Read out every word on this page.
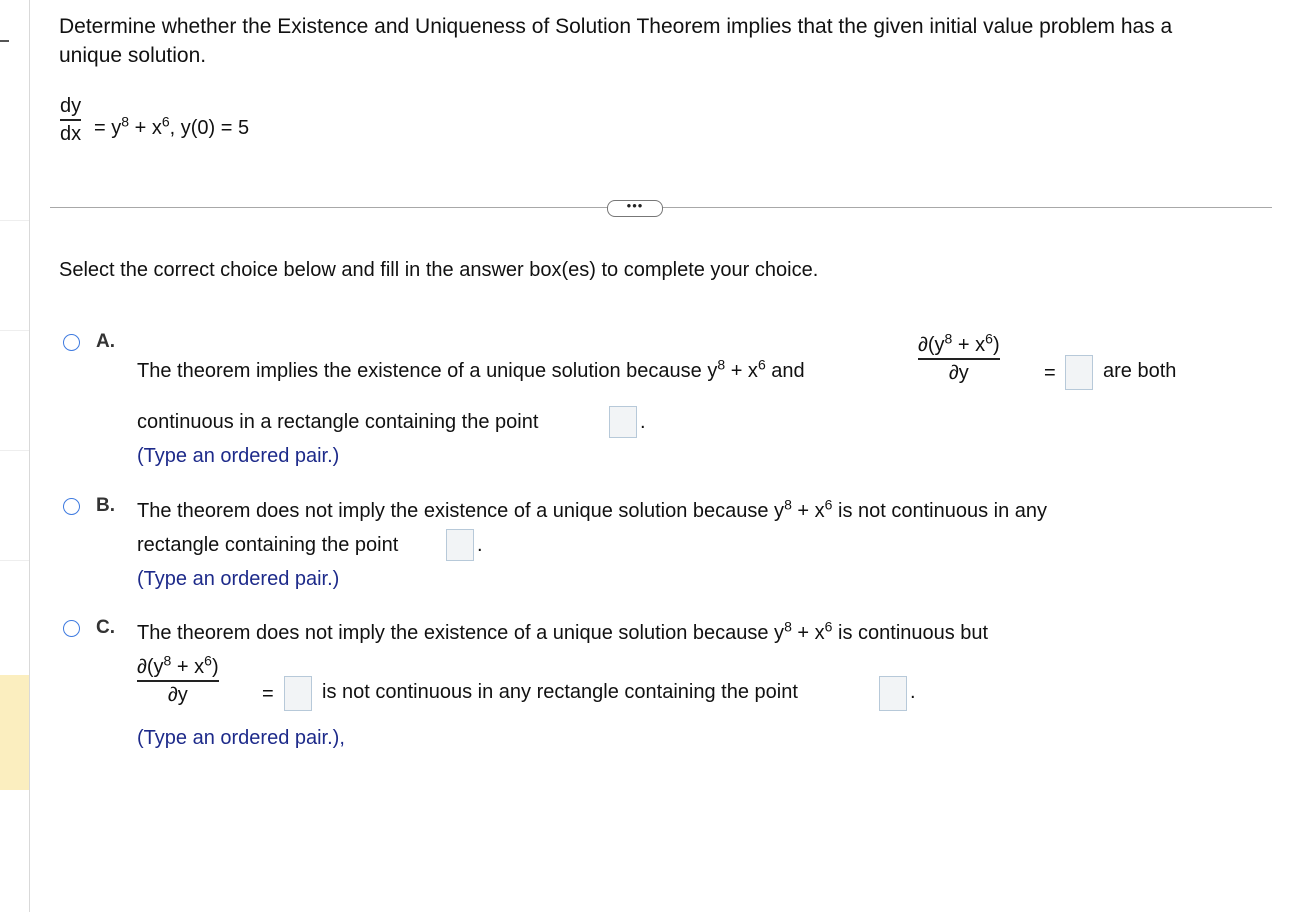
Determine whether the Existence and Uniqueness of Solution Theorem implies that the given initial value problem has a unique solution.
dy
dx = $y^8 + x^6$, y(0) = 5
•••
Select the correct choice below and fill in the answer box(es) to complete your choice.
A.
The theorem implies the existence of a unique solution because $y^8 + x^6$ and
$\partial(y^8 + x^6)$
∂y	= are both
continuous in a rectangle containing the point	.
(Type an ordered pair.)
B. The theorem does not imply the existence of a unique solution because $y^8 + x^6$ is not continuous in any
rectangle containing the point	.
(Type an ordered pair.)
C. The theorem does not imply the existence of a unique solution because $y^8 + x^6$ is continuous but
$\partial(y^8 + x^6)$
∂y	= is not continuous in any rectangle containing the point	.
(Type an ordered pair.),
